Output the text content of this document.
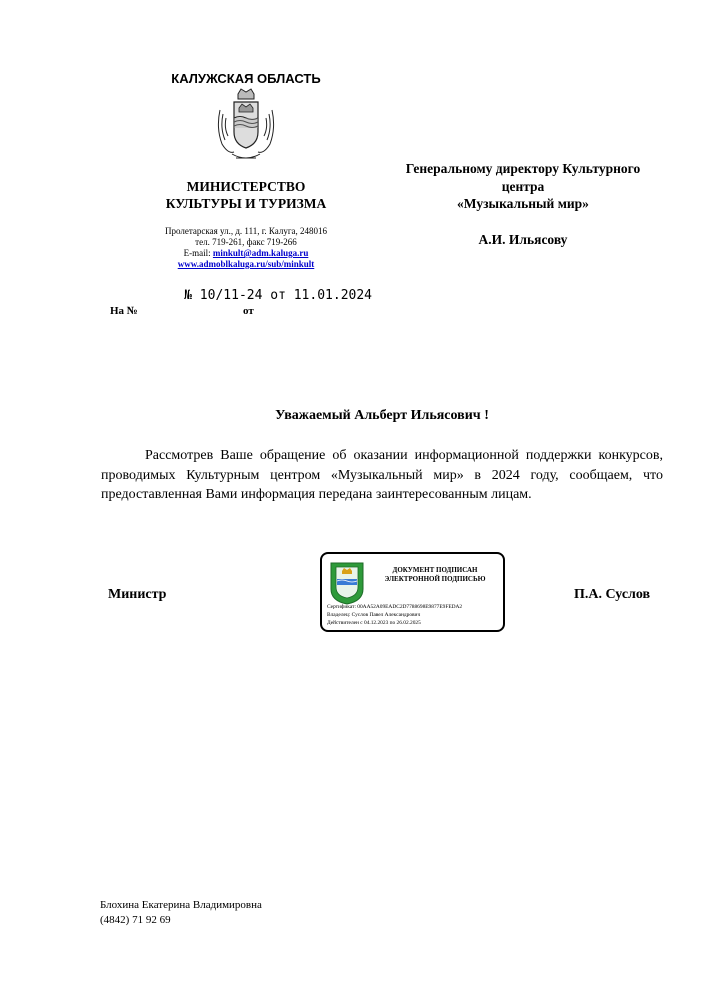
КАЛУЖСКАЯ ОБЛАСТЬ
МИНИСТЕРСТВО
КУЛЬТУРЫ И ТУРИЗМА
Пролетарская ул., д. 111, г. Калуга, 248016
тел. 719-261, факс 719-266
E-mail: minkult@adm.kaluga.ru
www.admoblkaluga.ru/sub/minkult
№ 10/11-24 от 11.01.2024
На №	от
Генеральному директору Культурного
центра
«Музыкальный мир»
А.И. Ильясову
Уважаемый Альберт Ильясович !
Рассмотрев Ваше обращение об оказании информационной поддержки конкурсов, проводимых Культурным центром «Музыкальный мир» в 2024 году, сообщаем, что предоставленная Вами информация передана заинтересованным лицам.
Министр	П.А. Суслов
ДОКУМЕНТ ПОДПИСАН
ЭЛЕКТРОННОЙ ПОДПИСЬЮ
Сертификат: 00AA52A09EADC2D7788698E9877E9FEDA2
Владелец: Суслов Павел Александрович
Действителен с 04.12.2023 по 26.02.2025
Блохина Екатерина Владимировна
(4842) 71 92 69
